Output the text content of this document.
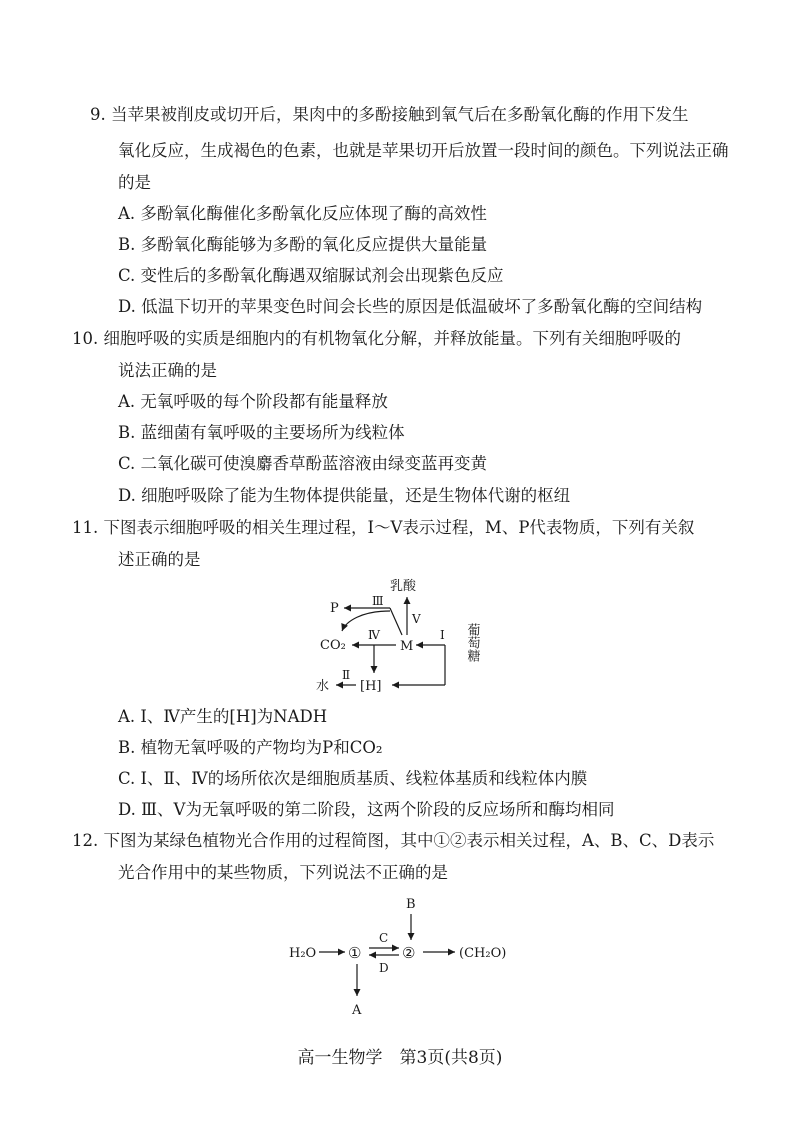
9. 当苹果被削皮或切开后，果肉中的多酚接触到氧气后在多酚氧化酶的作用下发生
氧化反应，生成褐色的色素，也就是苹果切开后放置一段时间的颜色。下列说法正确
的是
A. 多酚氧化酶催化多酚氧化反应体现了酶的高效性
B. 多酚氧化酶能够为多酚的氧化反应提供大量能量
C. 变性后的多酚氧化酶遇双缩脲试剂会出现紫色反应
D. 低温下切开的苹果变色时间会长些的原因是低温破坏了多酚氧化酶的空间结构
10. 细胞呼吸的实质是细胞内的有机物氧化分解，并释放能量。下列有关细胞呼吸的
说法正确的是
A. 无氧呼吸的每个阶段都有能量释放
B. 蓝细菌有氧呼吸的主要场所为线粒体
C. 二氧化碳可使溴麝香草酚蓝溶液由绿变蓝再变黄
D. 细胞呼吸除了能为生物体提供能量，还是生物体代谢的枢纽
11. 下图表示细胞呼吸的相关生理过程，Ⅰ～Ⅴ表示过程，M、P代表物质，下列有关叙
述正确的是
乳酸
Ⅴ
P	Ⅲ
CO₂	M
Ⅳ	Ⅰ 葡萄糖
[H]
Ⅱ
水
A. Ⅰ、Ⅳ产生的[H]为NADH
B. 植物无氧呼吸的产物均为P和CO₂
C. Ⅰ、Ⅱ、Ⅳ的场所依次是细胞质基质、线粒体基质和线粒体内膜
D. Ⅲ、Ⅴ为无氧呼吸的第二阶段，这两个阶段的反应场所和酶均相同
12. 下图为某绿色植物光合作用的过程简图，其中①②表示相关过程，A、B、C、D表示
光合作用中的某些物质，下列说法不正确的是
B
H₂O ①
C
D
②	(CH₂O)
A
高一生物学　第3页(共8页)
